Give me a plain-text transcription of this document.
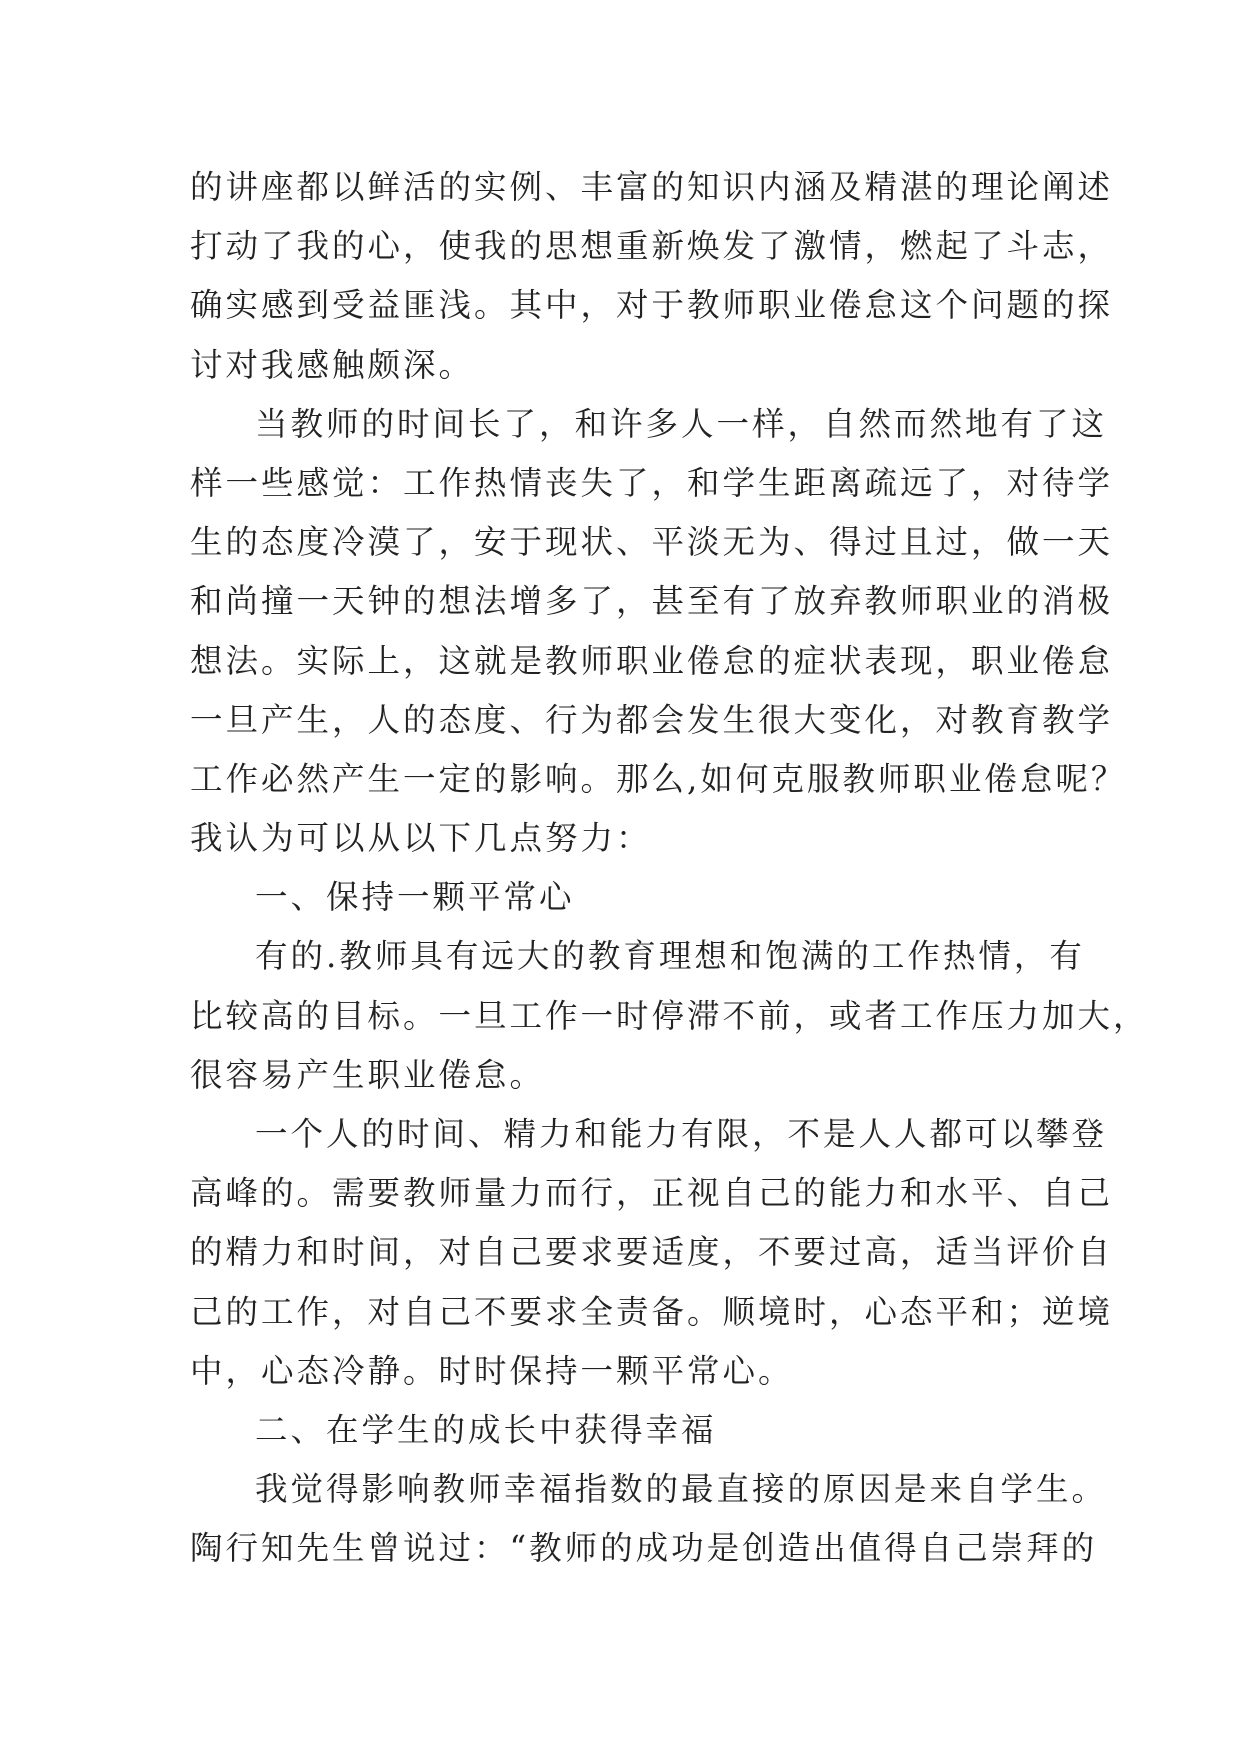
的讲座都以鲜活的实例、丰富的知识内涵及精湛的理论阐述
打动了我的心，使我的思想重新焕发了激情，燃起了斗志，
确实感到受益匪浅。其中，对于教师职业倦怠这个问题的探
讨对我感触颇深。
当教师的时间长了，和许多人一样，自然而然地有了这
样一些感觉：工作热情丧失了，和学生距离疏远了，对待学
生的态度冷漠了，安于现状、平淡无为、得过且过，做一天
和尚撞一天钟的想法增多了，甚至有了放弃教师职业的消极
想法。实际上，这就是教师职业倦怠的症状表现，职业倦怠
一旦产生，人的态度、行为都会发生很大变化，对教育教学
工作必然产生一定的影响。那么,如何克服教师职业倦怠呢？
我认为可以从以下几点努力：
一、保持一颗平常心
有的.教师具有远大的教育理想和饱满的工作热情，有
比较高的目标。一旦工作一时停滞不前，或者工作压力加大，
很容易产生职业倦怠。
一个人的时间、精力和能力有限，不是人人都可以攀登
高峰的。需要教师量力而行，正视自己的能力和水平、自己
的精力和时间，对自己要求要适度，不要过高，适当评价自
己的工作，对自己不要求全责备。顺境时，心态平和；逆境
中，心态冷静。时时保持一颗平常心。
二、在学生的成长中获得幸福
我觉得影响教师幸福指数的最直接的原因是来自学生。
陶行知先生曾说过：“教师的成功是创造出值得自己崇拜的
